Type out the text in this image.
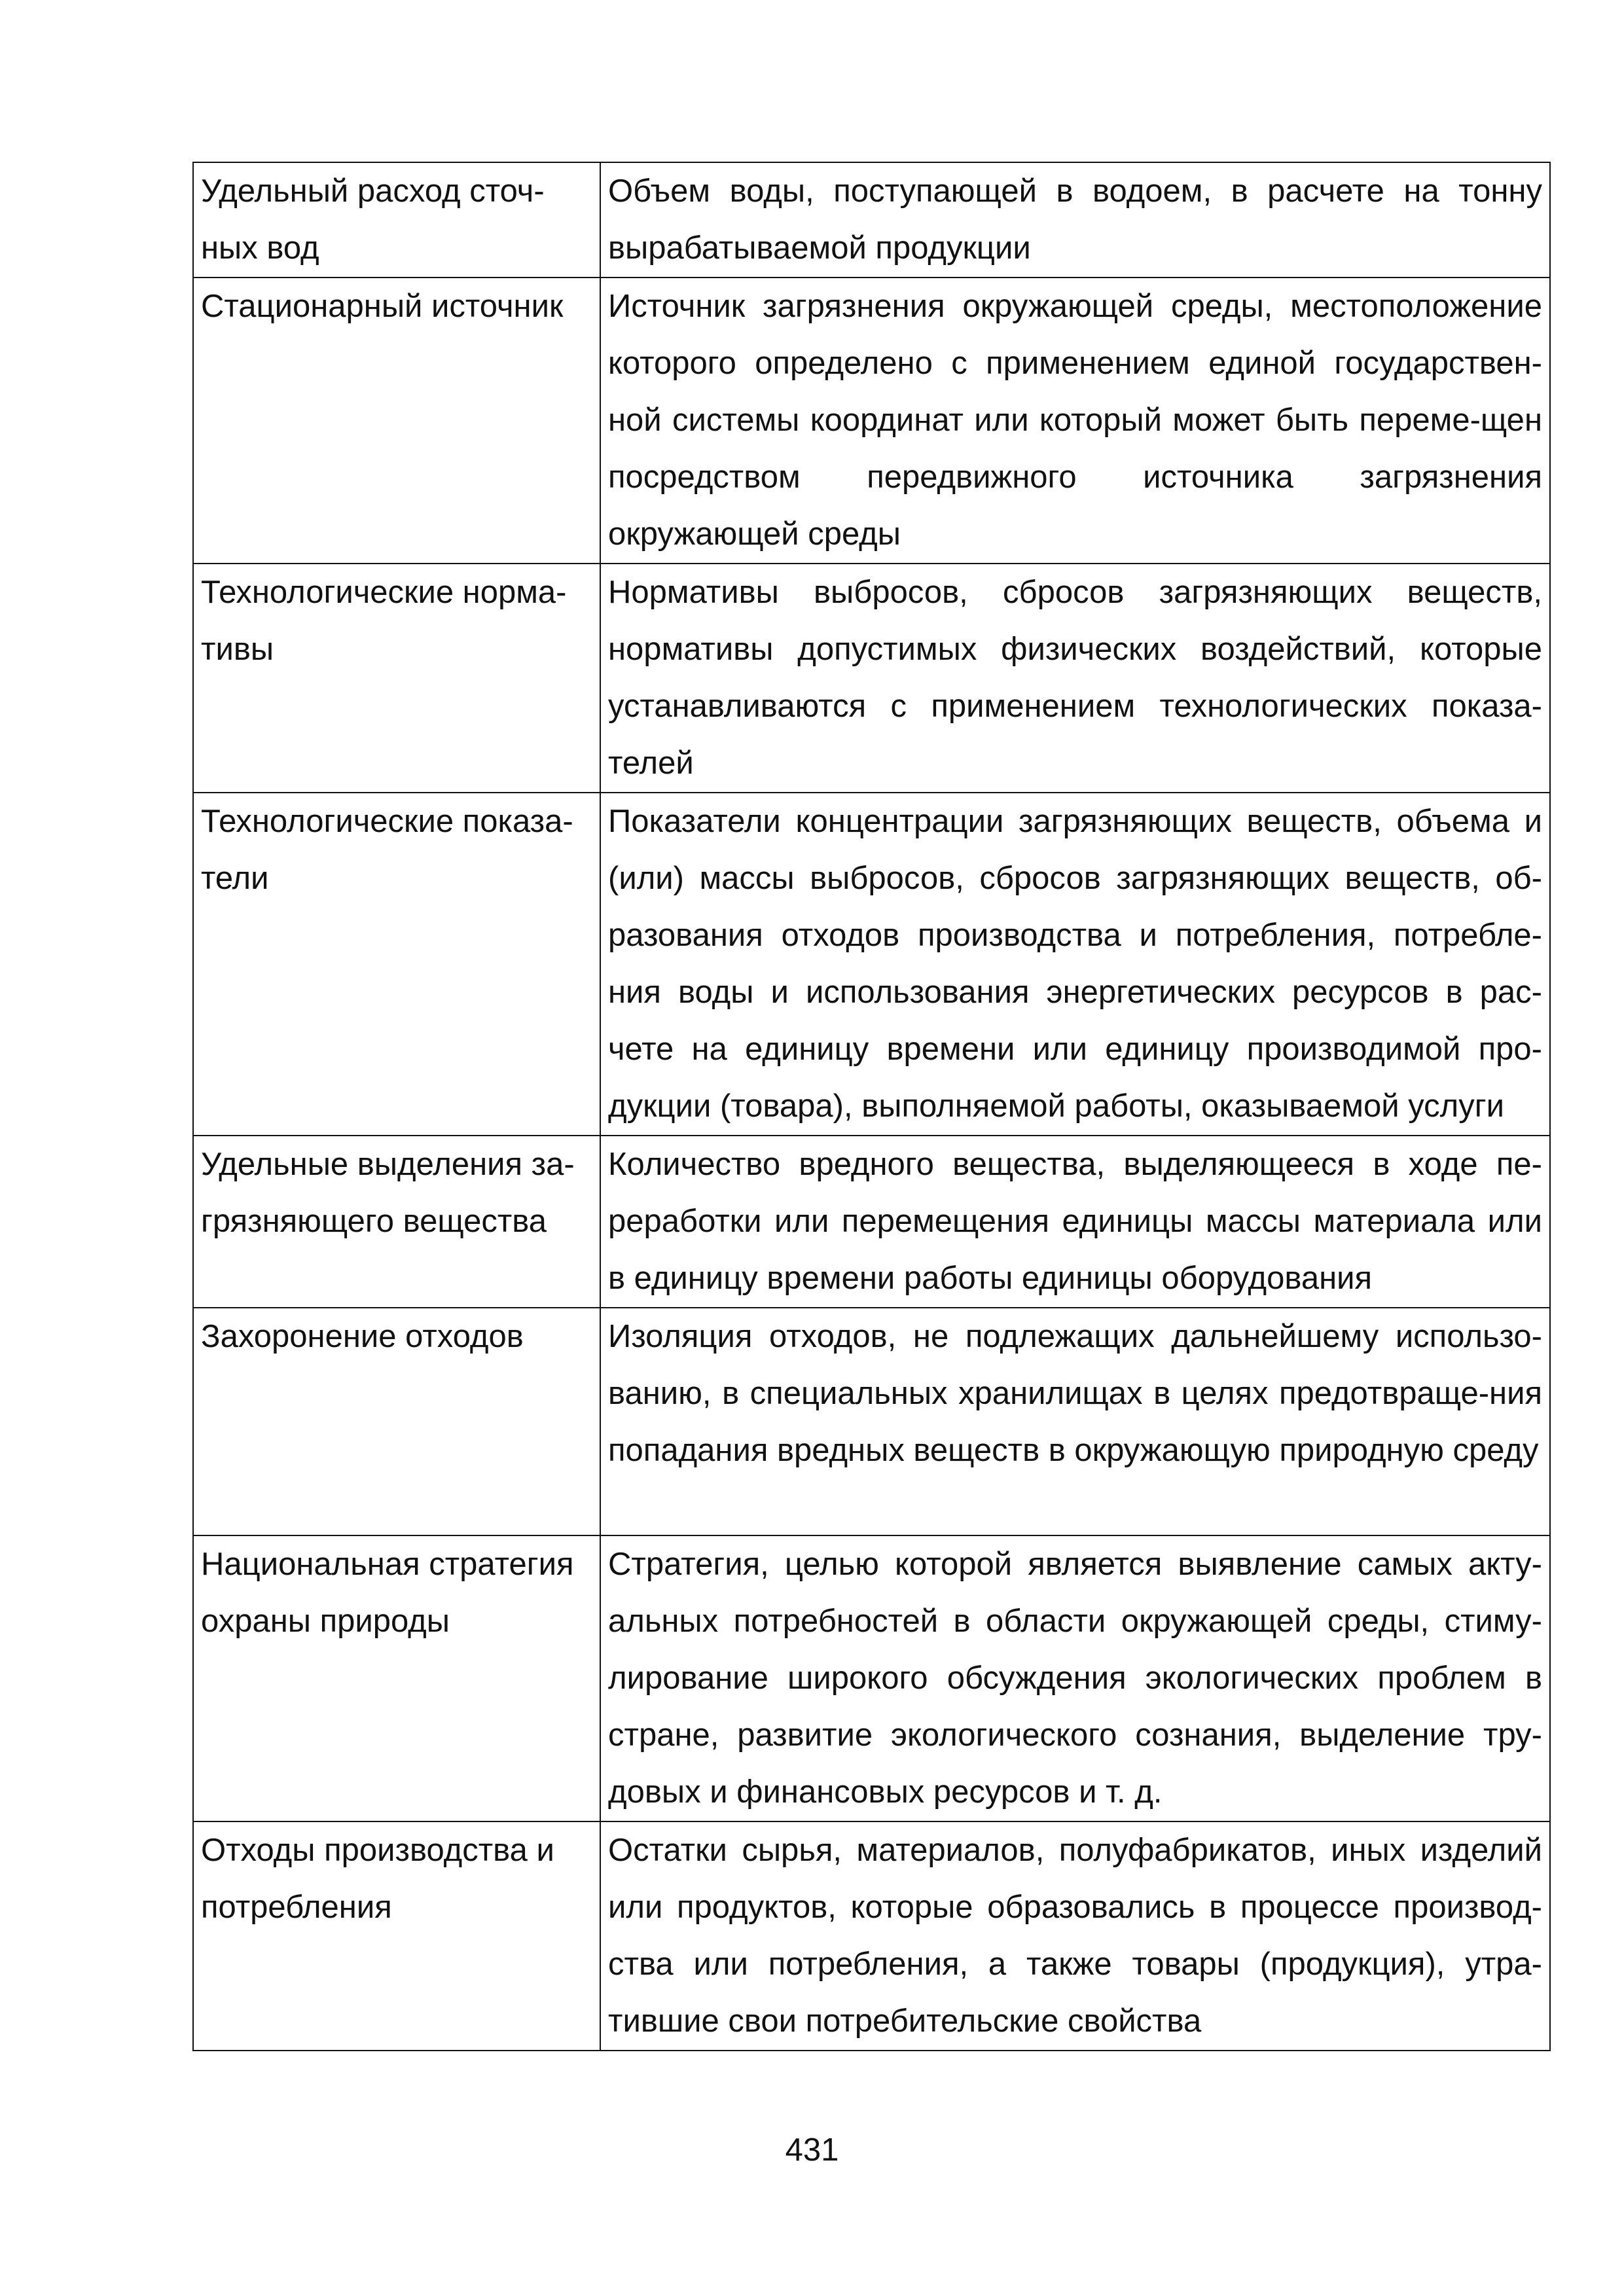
Удельный расход сточ-
ных вод	Объем воды, поступающей в водоем, в расчете на тонну вырабатываемой продукции

Стационарный источник	Источник загрязнения окружающей среды, местоположение которого определено с применением единой государствен-ной системы координат или который может быть переме-щен посредством передвижного источника загрязнения окружающей среды

Технологические норма-
тивы	Нормативы выбросов, сбросов загрязняющих веществ, нормативы допустимых физических воздействий, которые устанавливаются с применением технологических показа-телей

Технологические показа-
тели	Показатели концентрации загрязняющих веществ, объема и (или) массы выбросов, сбросов загрязняющих веществ, об-разования отходов производства и потребления, потребле-ния воды и использования энергетических ресурсов в рас-чете на единицу времени или единицу производимой про-дукции (товара), выполняемой работы, оказываемой услуги

Удельные выделения за-
грязняющего вещества	Количество вредного вещества, выделяющееся в ходе пе-реработки или перемещения единицы массы материала или в единицу времени работы единицы оборудования

Захоронение отходов	Изоляция отходов, не подлежащих дальнейшему использо-ванию, в специальных хранилищах в целях предотвраще-ния попадания вредных веществ в окружающую природную среду

Национальная стратегия
охраны природы	Стратегия, целью которой является выявление самых акту-альных потребностей в области окружающей среды, стиму-лирование широкого обсуждения экологических проблем в стране, развитие экологического сознания, выделение тру-довых и финансовых ресурсов и т. д.

Отходы производства и
потребления	Остатки сырья, материалов, полуфабрикатов, иных изделий или продуктов, которые образовались в процессе производ-ства или потребления, а также товары (продукция), утра-тившие свои потребительские свойства
431
